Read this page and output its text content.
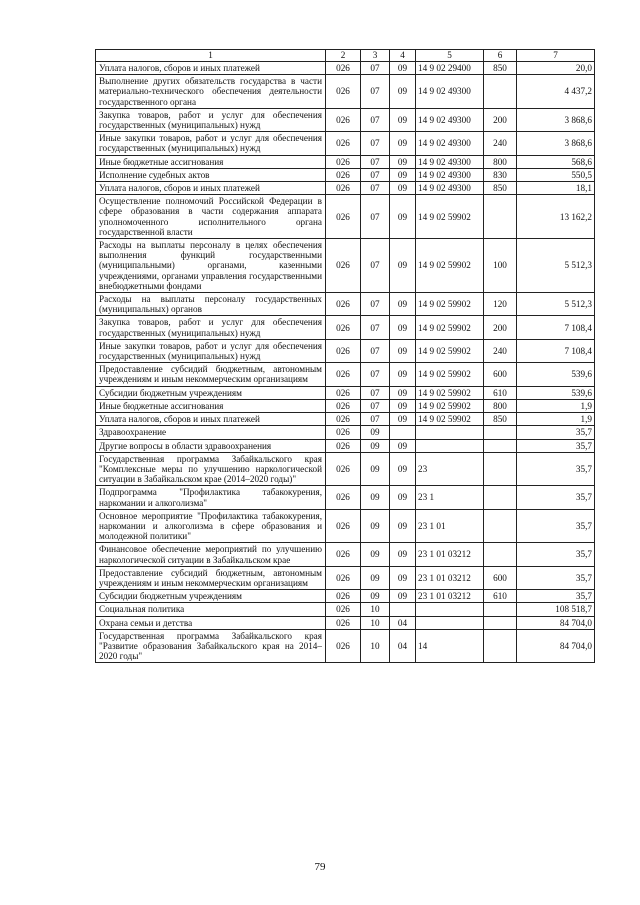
1	2	3	4	5	6	7
Уплата налогов, сборов и иных платежей	026	07	09	14 9 02 29400	850	20,0
Выполнение других обязательств государства в части материально-технического обеспечения деятельности государственного органа	026	07	09	14 9 02 49300		4 437,2
Закупка товаров, работ и услуг для обеспечения государственных (муниципальных) нужд	026	07	09	14 9 02 49300	200	3 868,6
Иные закупки товаров, работ и услуг для обеспечения государственных (муниципальных) нужд	026	07	09	14 9 02 49300	240	3 868,6
Иные бюджетные ассигнования	026	07	09	14 9 02 49300	800	568,6
Исполнение судебных актов	026	07	09	14 9 02 49300	830	550,5
Уплата налогов, сборов и иных платежей	026	07	09	14 9 02 49300	850	18,1
Осуществление полномочий Российской Федерации в сфере образования в части содержания аппарата уполномоченного исполнительного органа государственной власти	026	07	09	14 9 02 59902		13 162,2
Расходы на выплаты персоналу в целях обеспечения выполнения функций государственными (муниципальными) органами, казенными учреждениями, органами управления государственными внебюджетными фондами	026	07	09	14 9 02 59902	100	5 512,3
Расходы на выплаты персоналу государственных (муниципальных) органов	026	07	09	14 9 02 59902	120	5 512,3
Закупка товаров, работ и услуг для обеспечения государственных (муниципальных) нужд	026	07	09	14 9 02 59902	200	7 108,4
Иные закупки товаров, работ и услуг для обеспечения государственных (муниципальных) нужд	026	07	09	14 9 02 59902	240	7 108,4
Предоставление субсидий бюджетным, автономным учреждениям и иным некоммерческим организациям	026	07	09	14 9 02 59902	600	539,6
Субсидии бюджетным учреждениям	026	07	09	14 9 02 59902	610	539,6
Иные бюджетные ассигнования	026	07	09	14 9 02 59902	800	1,9
Уплата налогов, сборов и иных платежей	026	07	09	14 9 02 59902	850	1,9
Здравоохранение	026	09				35,7
Другие вопросы в области здравоохранения	026	09	09			35,7
Государственная программа Забайкальского края "Комплексные меры по улучшению наркологической ситуации в Забайкальском крае (2014–2020 годы)"	026	09	09	23		35,7
Подпрограмма "Профилактика табакокурения, наркомании и алкоголизма"	026	09	09	23 1		35,7
Основное мероприятие "Профилактика табакокурения, наркомании и алкоголизма в сфере образования и молодежной политики"	026	09	09	23 1 01		35,7
Финансовое обеспечение мероприятий по улучшению наркологической ситуации в Забайкальском крае	026	09	09	23 1 01 03212		35,7
Предоставление субсидий бюджетным, автономным учреждениям и иным некоммерческим организациям	026	09	09	23 1 01 03212	600	35,7
Субсидии бюджетным учреждениям	026	09	09	23 1 01 03212	610	35,7
Социальная политика	026	10				108 518,7
Охрана семьи и детства	026	10	04			84 704,0
Государственная программа Забайкальского края "Развитие образования Забайкальского края на 2014–2020 годы"	026	10	04	14		84 704,0
79
